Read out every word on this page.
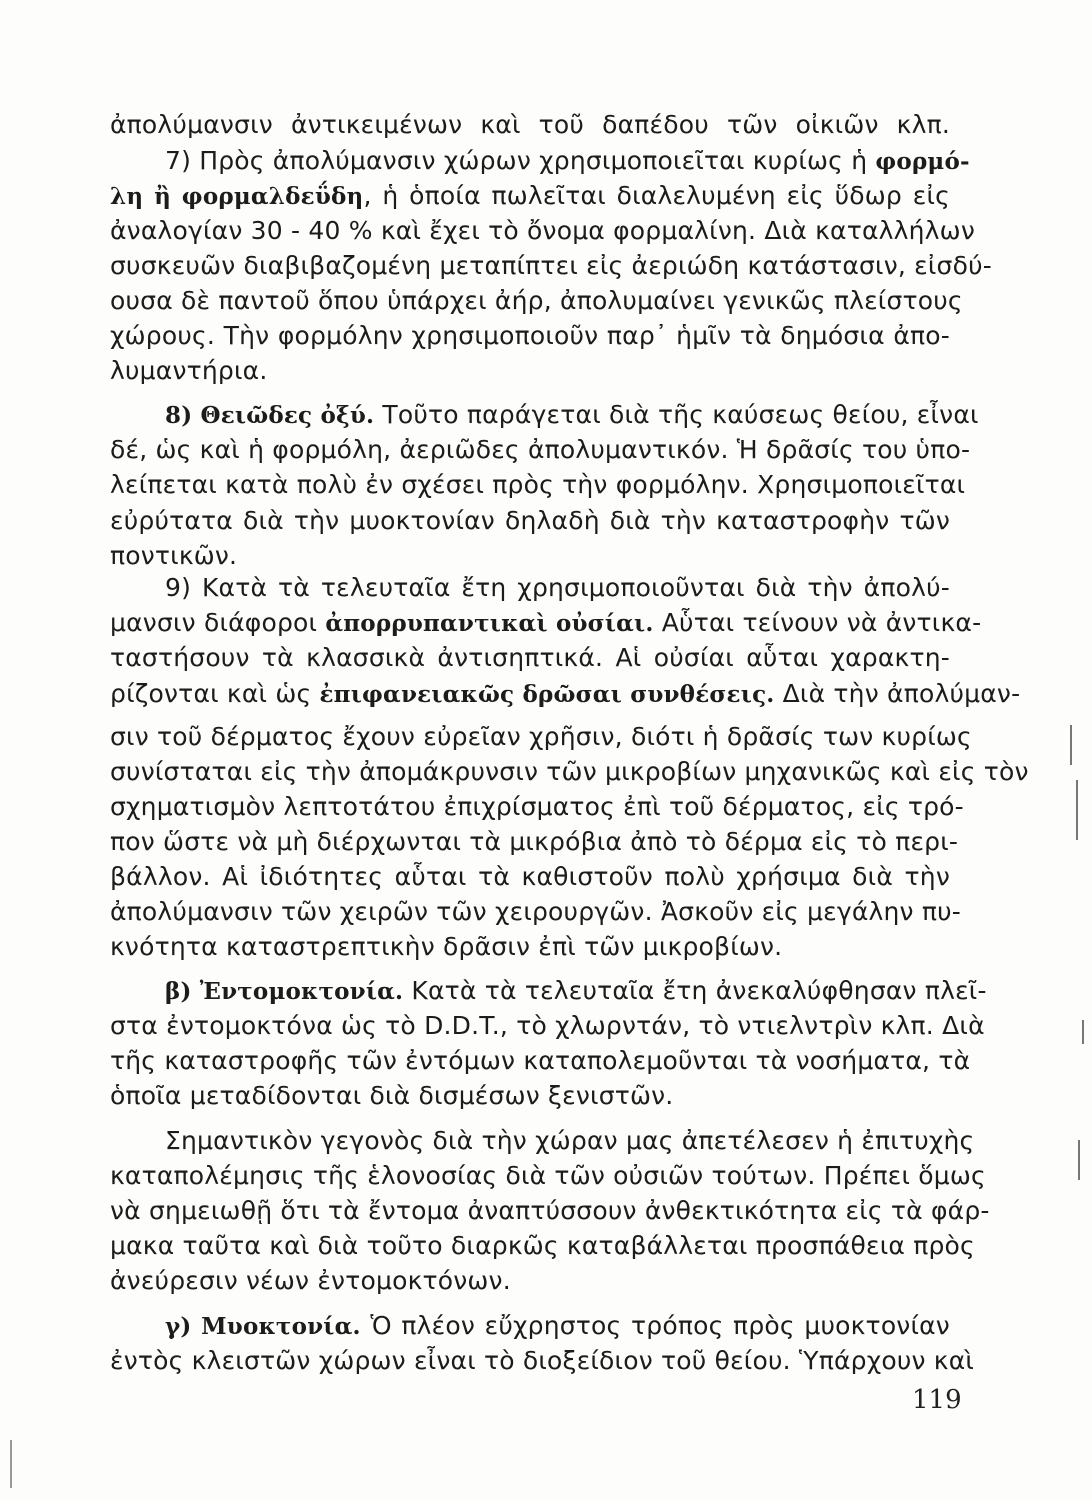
ἀπολύμανσιν ἀντικειμένων καὶ τοῦ δαπέδου τῶν οἰκιῶν κλπ.
7) Πρὸς ἀπολύμανσιν χώρων χρησιμοποιεῖται κυρίως ἡ φορμό-
λη ἢ φορμαλδεΰδη, ἡ ὁποία πωλεῖται διαλελυμένη εἰς ὕδωρ εἰς
ἀναλογίαν 30 - 40 % καὶ ἔχει τὸ ὄνομα φορμαλίνη. Διὰ καταλλήλων
συσκευῶν διαβιβαζομένη μεταπίπτει εἰς ἀεριώδη κατάστασιν, εἰσδύ-
ουσα δὲ παντοῦ ὅπου ὑπάρχει ἀήρ, ἀπολυμαίνει γενικῶς πλείστους
χώρους. Τὴν φορμόλην χρησιμοποιοῦν παρ᾿ ἡμῖν τὰ δημόσια ἀπο-
λυμαντήρια.
8) Θειῶδες ὀξύ. Τοῦτο παράγεται διὰ τῆς καύσεως θείου, εἶναι
δέ, ὡς καὶ ἡ φορμόλη, ἀεριῶδες ἀπολυμαντικόν. Ἡ δρᾶσίς του ὑπο-
λείπεται κατὰ πολὺ ἐν σχέσει πρὸς τὴν φορμόλην. Χρησιμοποιεῖται
εὐρύτατα διὰ τὴν μυοκτονίαν δηλαδὴ διὰ τὴν καταστροφὴν τῶν
ποντικῶν.
9) Κατὰ τὰ τελευταῖα ἔτη χρησιμοποιοῦνται διὰ τὴν ἀπολύ-
μανσιν διάφοροι ἀπορρυπαντικαὶ οὐσίαι. Αὗται τείνουν νὰ ἀντικα-
ταστήσουν τὰ κλασσικὰ ἀντισηπτικά. Αἱ οὐσίαι αὗται χαρακτη-
ρίζονται καὶ ὡς ἐπιφανειακῶς δρῶσαι συνθέσεις. Διὰ τὴν ἀπολύμαν-
σιν τοῦ δέρματος ἔχουν εὐρεῖαν χρῆσιν, διότι ἡ δρᾶσίς των κυρίως
συνίσταται εἰς τὴν ἀπομάκρυνσιν τῶν μικροβίων μηχανικῶς καὶ εἰς τὸν
σχηματισμὸν λεπτοτάτου ἐπιχρίσματος ἐπὶ τοῦ δέρματος, εἰς τρό-
πον ὥστε νὰ μὴ διέρχωνται τὰ μικρόβια ἀπὸ τὸ δέρμα εἰς τὸ περι-
βάλλον. Αἱ ἰδιότητες αὗται τὰ καθιστοῦν πολὺ χρήσιμα διὰ τὴν
ἀπολύμανσιν τῶν χειρῶν τῶν χειρουργῶν. Ἀσκοῦν εἰς μεγάλην πυ-
κνότητα καταστρεπτικὴν δρᾶσιν ἐπὶ τῶν μικροβίων.
β) Ἐντομοκτονία. Κατὰ τὰ τελευταῖα ἔτη ἀνεκαλύφθησαν πλεῖ-
στα ἐντομοκτόνα ὡς τὸ D.D.T., τὸ χλωρντάν, τὸ ντιελντρὶν κλπ. Διὰ
τῆς καταστροφῆς τῶν ἐντόμων καταπολεμοῦνται τὰ νοσήματα, τὰ
ὁποῖα μεταδίδονται διὰ δισμέσων ξενιστῶν.
Σημαντικὸν γεγονὸς διὰ τὴν χώραν μας ἀπετέλεσεν ἡ ἐπιτυχὴς
καταπολέμησις τῆς ἑλονοσίας διὰ τῶν οὐσιῶν τούτων. Πρέπει ὅμως
νὰ σημειωθῇ ὅτι τὰ ἔντομα ἀναπτύσσουν ἀνθεκτικότητα εἰς τὰ φάρ-
μακα ταῦτα καὶ διὰ τοῦτο διαρκῶς καταβάλλεται προσπάθεια πρὸς
ἀνεύρεσιν νέων ἐντομοκτόνων.
γ) Μυοκτονία. Ὁ πλέον εὔχρηστος τρόπος πρὸς μυοκτονίαν
ἐντὸς κλειστῶν χώρων εἶναι τὸ διοξείδιον τοῦ θείου. Ὑπάρχουν καὶ
119
